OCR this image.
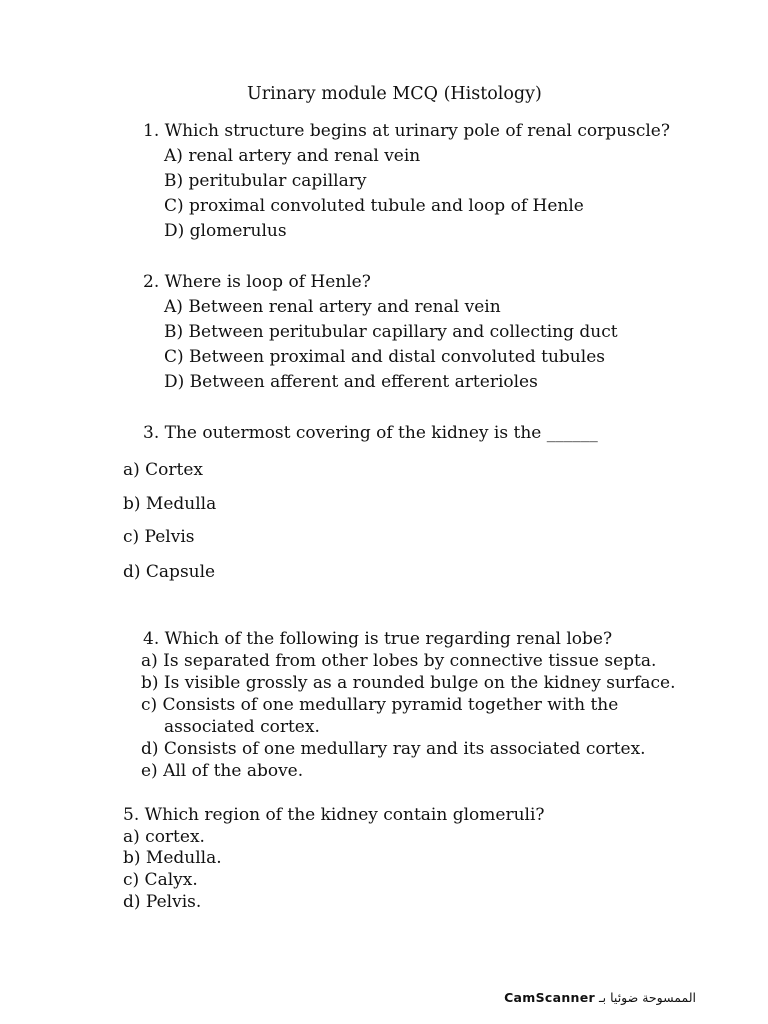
Urinary module MCQ (Histology)
1. Which structure begins at urinary pole of renal corpuscle?
A) renal artery and renal vein
B) peritubular capillary
C) proximal convoluted tubule and loop of Henle
D) glomerulus
2. Where is loop of Henle?
A) Between renal artery and renal vein
B) Between peritubular capillary and collecting duct
C) Between proximal and distal convoluted tubules
D) Between afferent and efferent arterioles
3. The outermost covering of the kidney is the ______
a) Cortex
b) Medulla
c) Pelvis
d) Capsule
4. Which of the following is true regarding renal lobe?
a) Is separated from other lobes by connective tissue septa.
b) Is visible grossly as a rounded bulge on the kidney surface.
c) Consists of one medullary pyramid together with the
associated cortex.
d) Consists of one medullary ray and its associated cortex.
e) All of the above.
5. Which region of the kidney contain glomeruli?
a) cortex.
b) Medulla.
c) Calyx.
d) Pelvis.
CamScanner الممسوحة ضوئيا بـ
